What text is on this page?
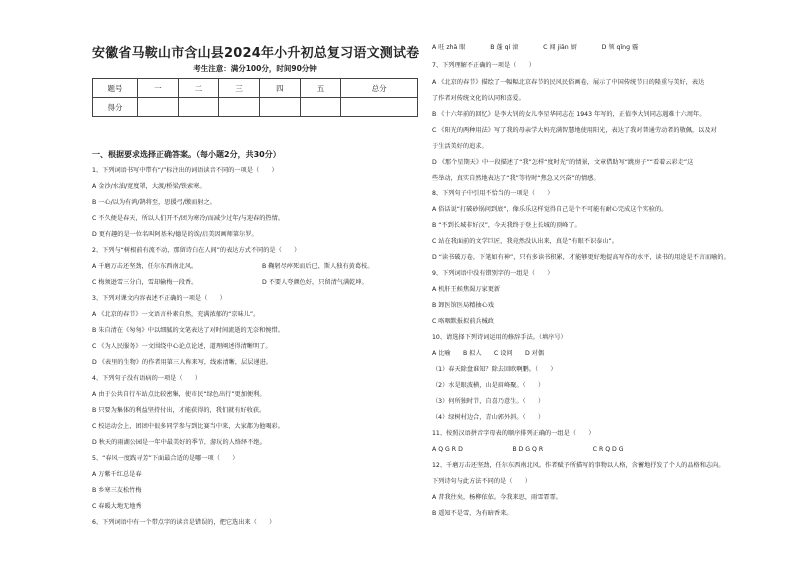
安徽省马鞍山市含山县2024年小升初总复习语文测试卷
考生注意：满分100分，时间90分钟
题号	一	二	三	四	五	总分
得分						
一、根据要求选择正确答案。（每小题2分，共30分）
1、下列词语书写中带有“/”标注出的词语读音不同的一项是（　　）
A 金沙/水油/宽度罩，大渡/桥梁/铁索寒。
B 一心/以为有鸿/鹄将至，思援弓/缴而射之。
C 不久便是春天，所以人们开不/团为寒冷/而减少过年/与迎春的热情。
D 更有趣的是一位名叫阿基米/德是的诶/启美因画师第尔罗。
2、下列与“树根前有流不动，那留诗白在人间”的表达方式不同的是（　　）
A 千磨万击还坚劲，任尔东西南北风。	B 鞠躬尽瘁死而后已，斯人独有黄葛枝。
C 梅须逊雪三分白，雪却输梅一段香。	D 不要人夸颜色好，只留清气满乾坤。
3、下列对课文内容表述不正确的一项是（　　）
A 《北京的春节》一文语言朴素自然，充满浓郁的“京味儿”。
B 朱自清在《匆匆》中以细腻的文笔表达了对时间流逝的无奈和惋惜。
C 《为人民服务》一文围绕中心论点论述，道理阐述得清晰明了。
D 《表里的生物》的作者用第三人称来写，线索清晰，层层递进。
4、下列句子没有语病的一项是（　　）
A 由于公共自行车站点比较密集，使市民“绿色出行”更加便利。
B 只要为集体的利益坚持付出，才能获得的，我们就有好收获。
C 校运动会上，团团中很多同学参与到比赛当中来，大家都为他喝彩。
D 秋天的雨湖公园是一年中最美好的季节，游玩的人络绎不绝。
5、“春风一度践寻芳”下面最合适的是哪一项（　　）
A 万紫千红总是春
B 乡寒三友松竹梅
C 春暖大地无地秀
6、下列词语中有一个带点字的读音是错误的，把它选出来（　　）
A 旺 zhā 眼　　　　B 蓬 qí 滚　　　　C 闻 jiān 厨　　　　D 领 qǐng 霾
7、下列理解不正确的一项是（　　）
A 《北京的春节》描绘了一幅幅北京春节的民风民俗画卷，展示了中国传统节日的隆重与美好，表达
了作者对传统文化的认同和喜爱。
B 《十六年前的回忆》是李大钊的女儿李星华同志在 1943 年写的，正值李大钊同志遇难十六周年。
C 《阳光的两种用法》写了我的母亲学大妈充满智慧地使用阳光，表达了我对普通劳动者的敬佩，以及对
于生活美好的追求。
D 《那个星期天》中一段描述了“我”怎样“度时光”的情景，文章借助写“跳房子”“看着云彩走”这
些举动，真实自然地表达了“我”等待时“焦急又兴奋”的情感。
8、下列句子中引用不恰当的一项是（　　）
A 俗话说“打破砂锅问到底”，像乐乐这样觉得自己是个不可能有耐心完成这个实验的。
B “不到长城非好汉”，今天我终于登上长城的顶峰了。
C 站在我面前的文学巨匠，我竟然没认出来，真是“有眼不识泰山”。
D “读书破万卷，下笔如有神”，只有多读书积累，才能够更好地提高写作的水平，读书的用途是不言而喻的。
9、下列词语中没有错别字的一组是（　　）
A 机肝王候焦渴万家更新
B 卸医馆医局精抽心戏
C 咯咽默报拟前兵械政
10、请选择下列诗词运用的修辞手法。（填序号）
A 比喻　　B 拟人　　C 设问　　D 对偶
（1）春天除盘谁知？除去回欧啊鹏。（　　）
（2）水是眼波横，山是眉峰聚。（　　）
（3）何所独时节，自喜乃意生。（　　）
（4）绿树村边合，青山郭外斜。（　　）
11、按照汉语拼音字母表的顺序排列正确的一组是（　　）
A Q G R D　　　　　　　　B D G Q R　　　　　　　　C R Q D G
12、千磨万击还坚劲，任尔东西南北风。作者赋予所描写的事物以人格，含蓄地抒发了个人的品格和志向。
下列诗句与此方法不同的是（　　）
A 昔我往矣，杨柳依依。今我来思，雨雪霏霏。
B 遥知不是雪，为有暗香来。
